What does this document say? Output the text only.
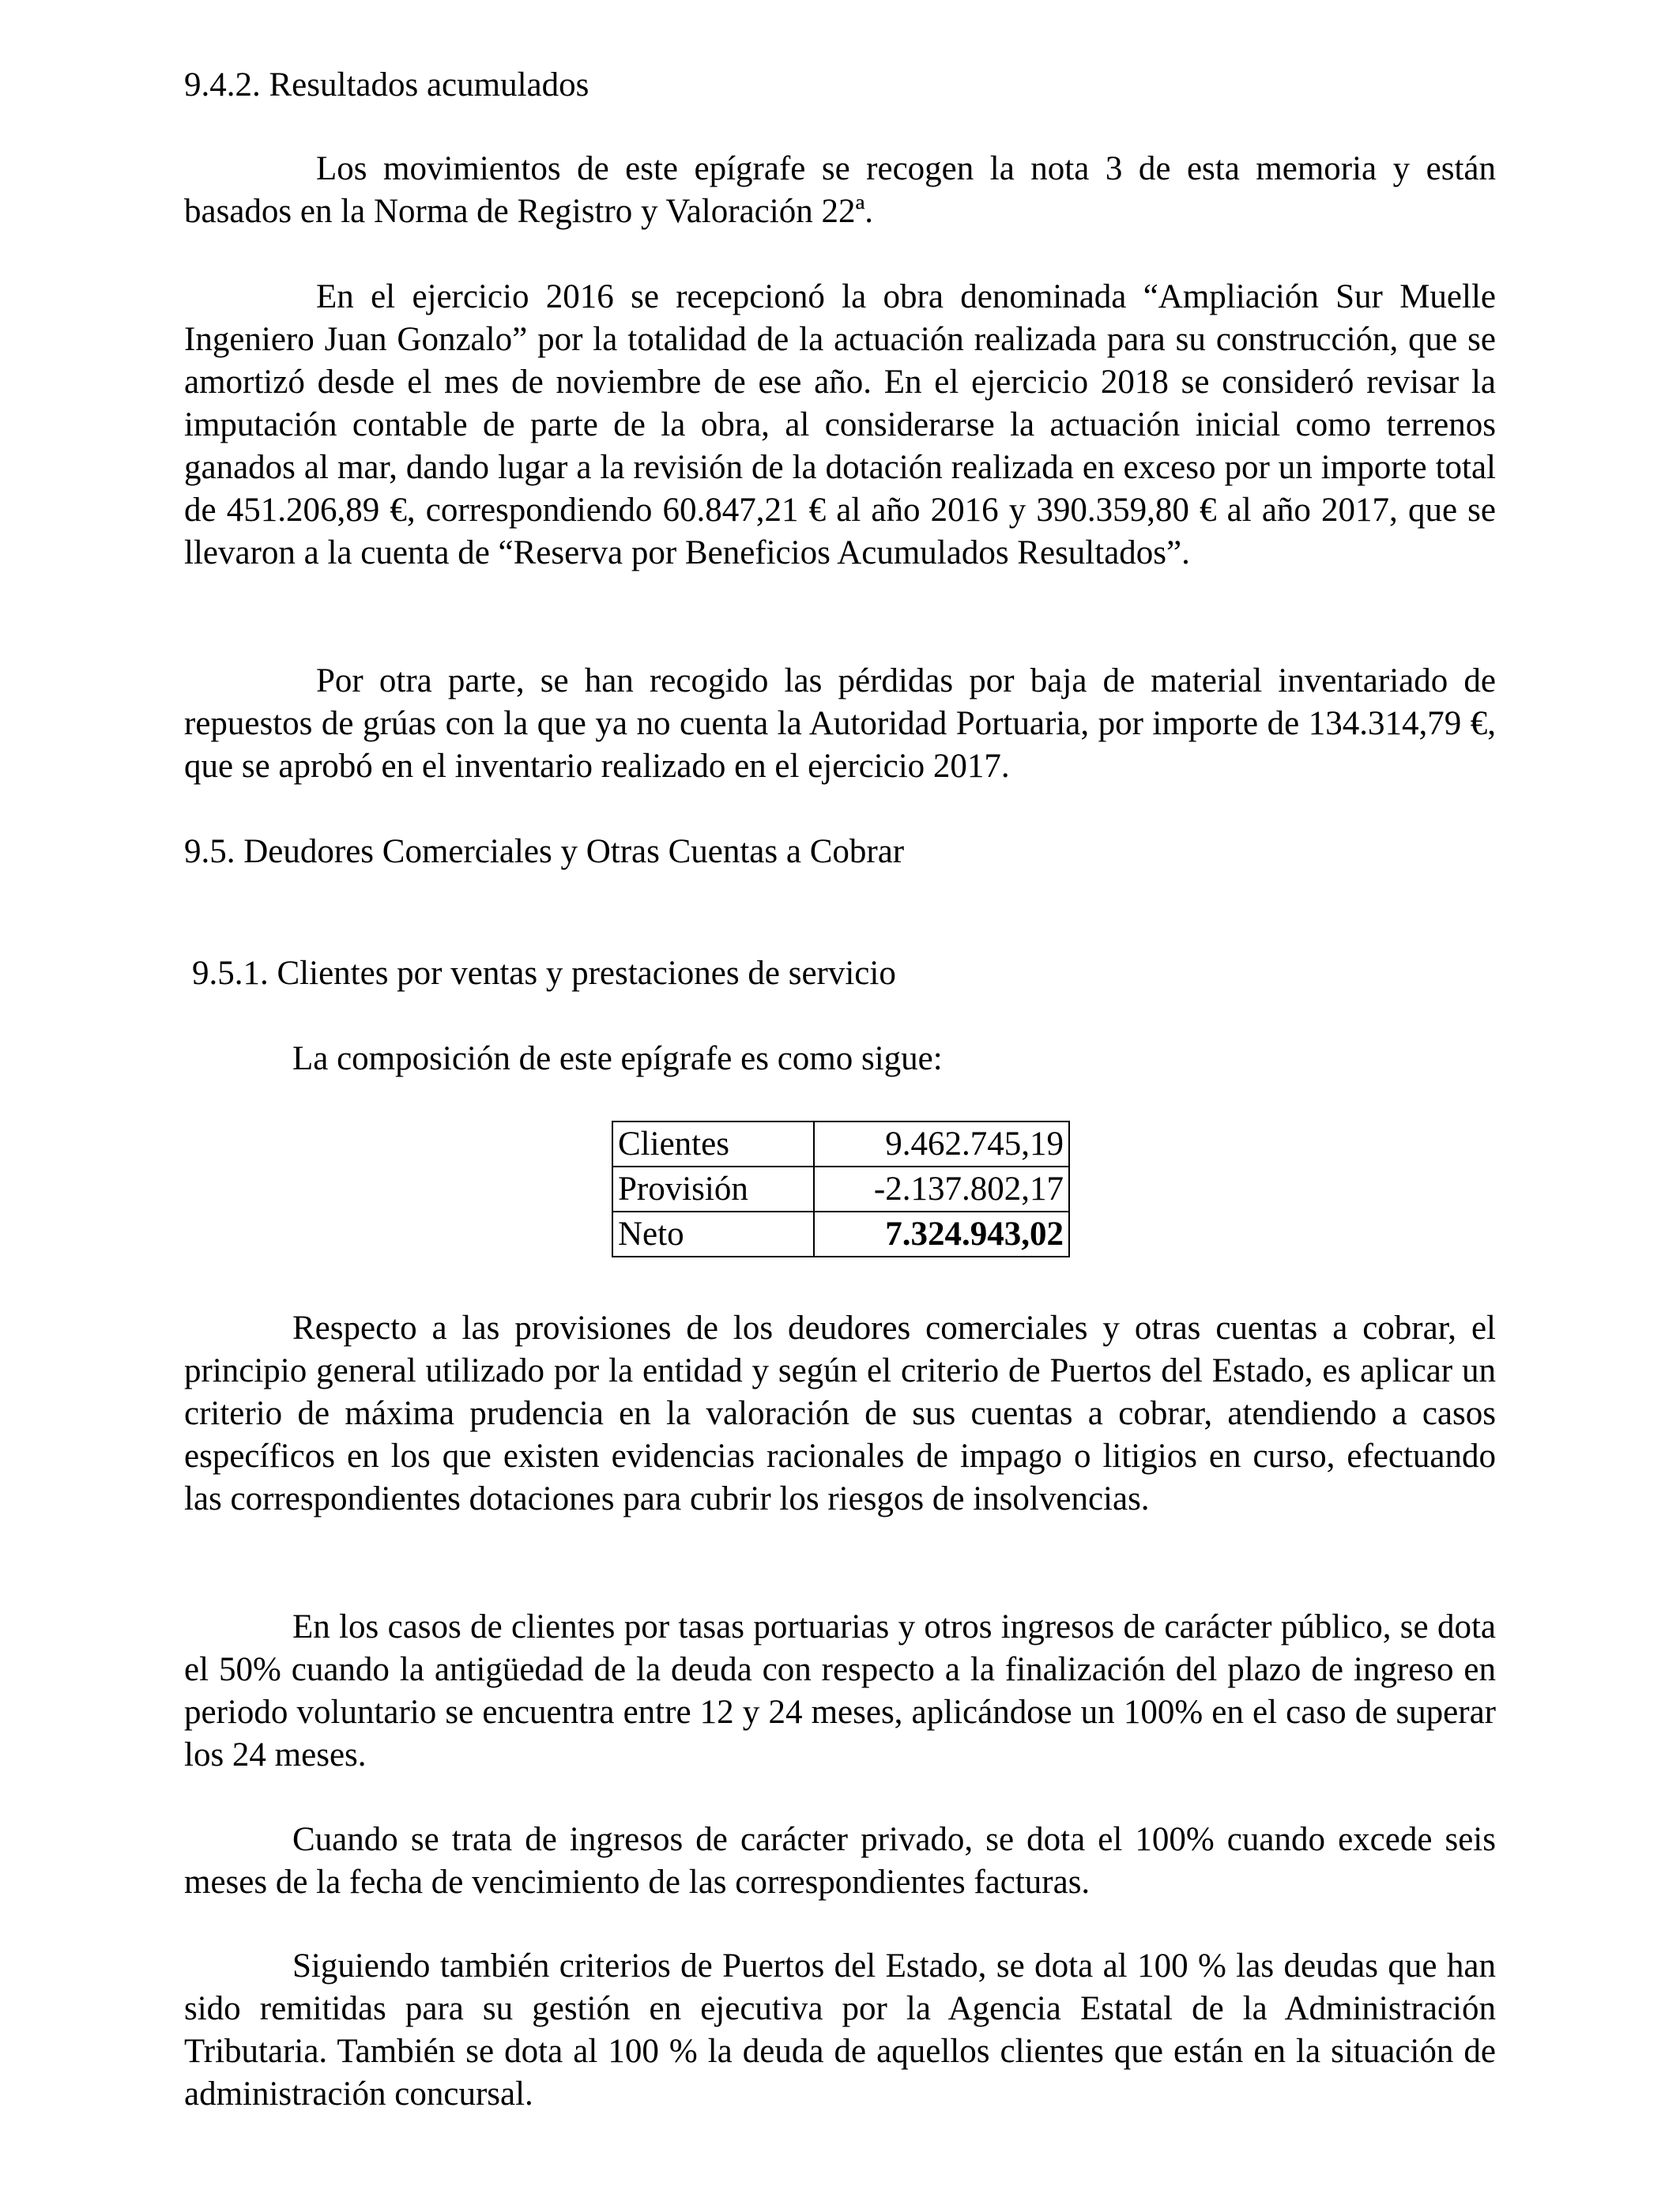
9.4.2. Resultados acumulados

Los movimientos de este epígrafe se recogen la nota 3 de esta memoria y están basados en la Norma de Registro y Valoración 22ª.

En el ejercicio 2016 se recepcionó la obra denominada “Ampliación Sur Muelle Ingeniero Juan Gonzalo” por la totalidad de la actuación realizada para su construcción, que se amortizó desde el mes de noviembre de ese año. En el ejercicio 2018 se consideró revisar la imputación contable de parte de la obra, al considerarse la actuación inicial como terrenos ganados al mar, dando lugar a la revisión de la dotación realizada en exceso por un importe total de 451.206,89 €, correspondiendo 60.847,21 € al año 2016 y 390.359,80 € al año 2017, que se llevaron a la cuenta de “Reserva por Beneficios Acumulados Resultados”.

Por otra parte, se han recogido las pérdidas por baja de material inventariado de repuestos de grúas con la que ya no cuenta la Autoridad Portuaria, por importe de 134.314,79 €, que se aprobó en el inventario realizado en el ejercicio 2017.

9.5. Deudores Comerciales y Otras Cuentas a Cobrar
9.5.1. Clientes por ventas y prestaciones de servicio

La composición de este epígrafe es como sigue:

Clientes	9.462.745,19
Provisión	-2.137.802,17
Neto	7.324.943,02

Respecto a las provisiones de los deudores comerciales y otras cuentas a cobrar, el principio general utilizado por la entidad y según el criterio de Puertos del Estado, es aplicar un criterio de máxima prudencia en la valoración de sus cuentas a cobrar, atendiendo a casos específicos en los que existen evidencias racionales de impago o litigios en curso, efectuando las correspondientes dotaciones para cubrir los riesgos de insolvencias.

En los casos de clientes por tasas portuarias y otros ingresos de carácter público, se dota el 50% cuando la antigüedad de la deuda con respecto a la finalización del plazo de ingreso en periodo voluntario se encuentra entre 12 y 24 meses, aplicándose un 100% en el caso de superar los 24 meses.

Cuando se trata de ingresos de carácter privado, se dota el 100% cuando excede seis meses de la fecha de vencimiento de las correspondientes facturas.

Siguiendo también criterios de Puertos del Estado, se dota al 100 % las deudas que han sido remitidas para su gestión en ejecutiva por la Agencia Estatal de la Administración Tributaria. También se dota al 100 % la deuda de aquellos clientes que están en la situación de administración concursal.
